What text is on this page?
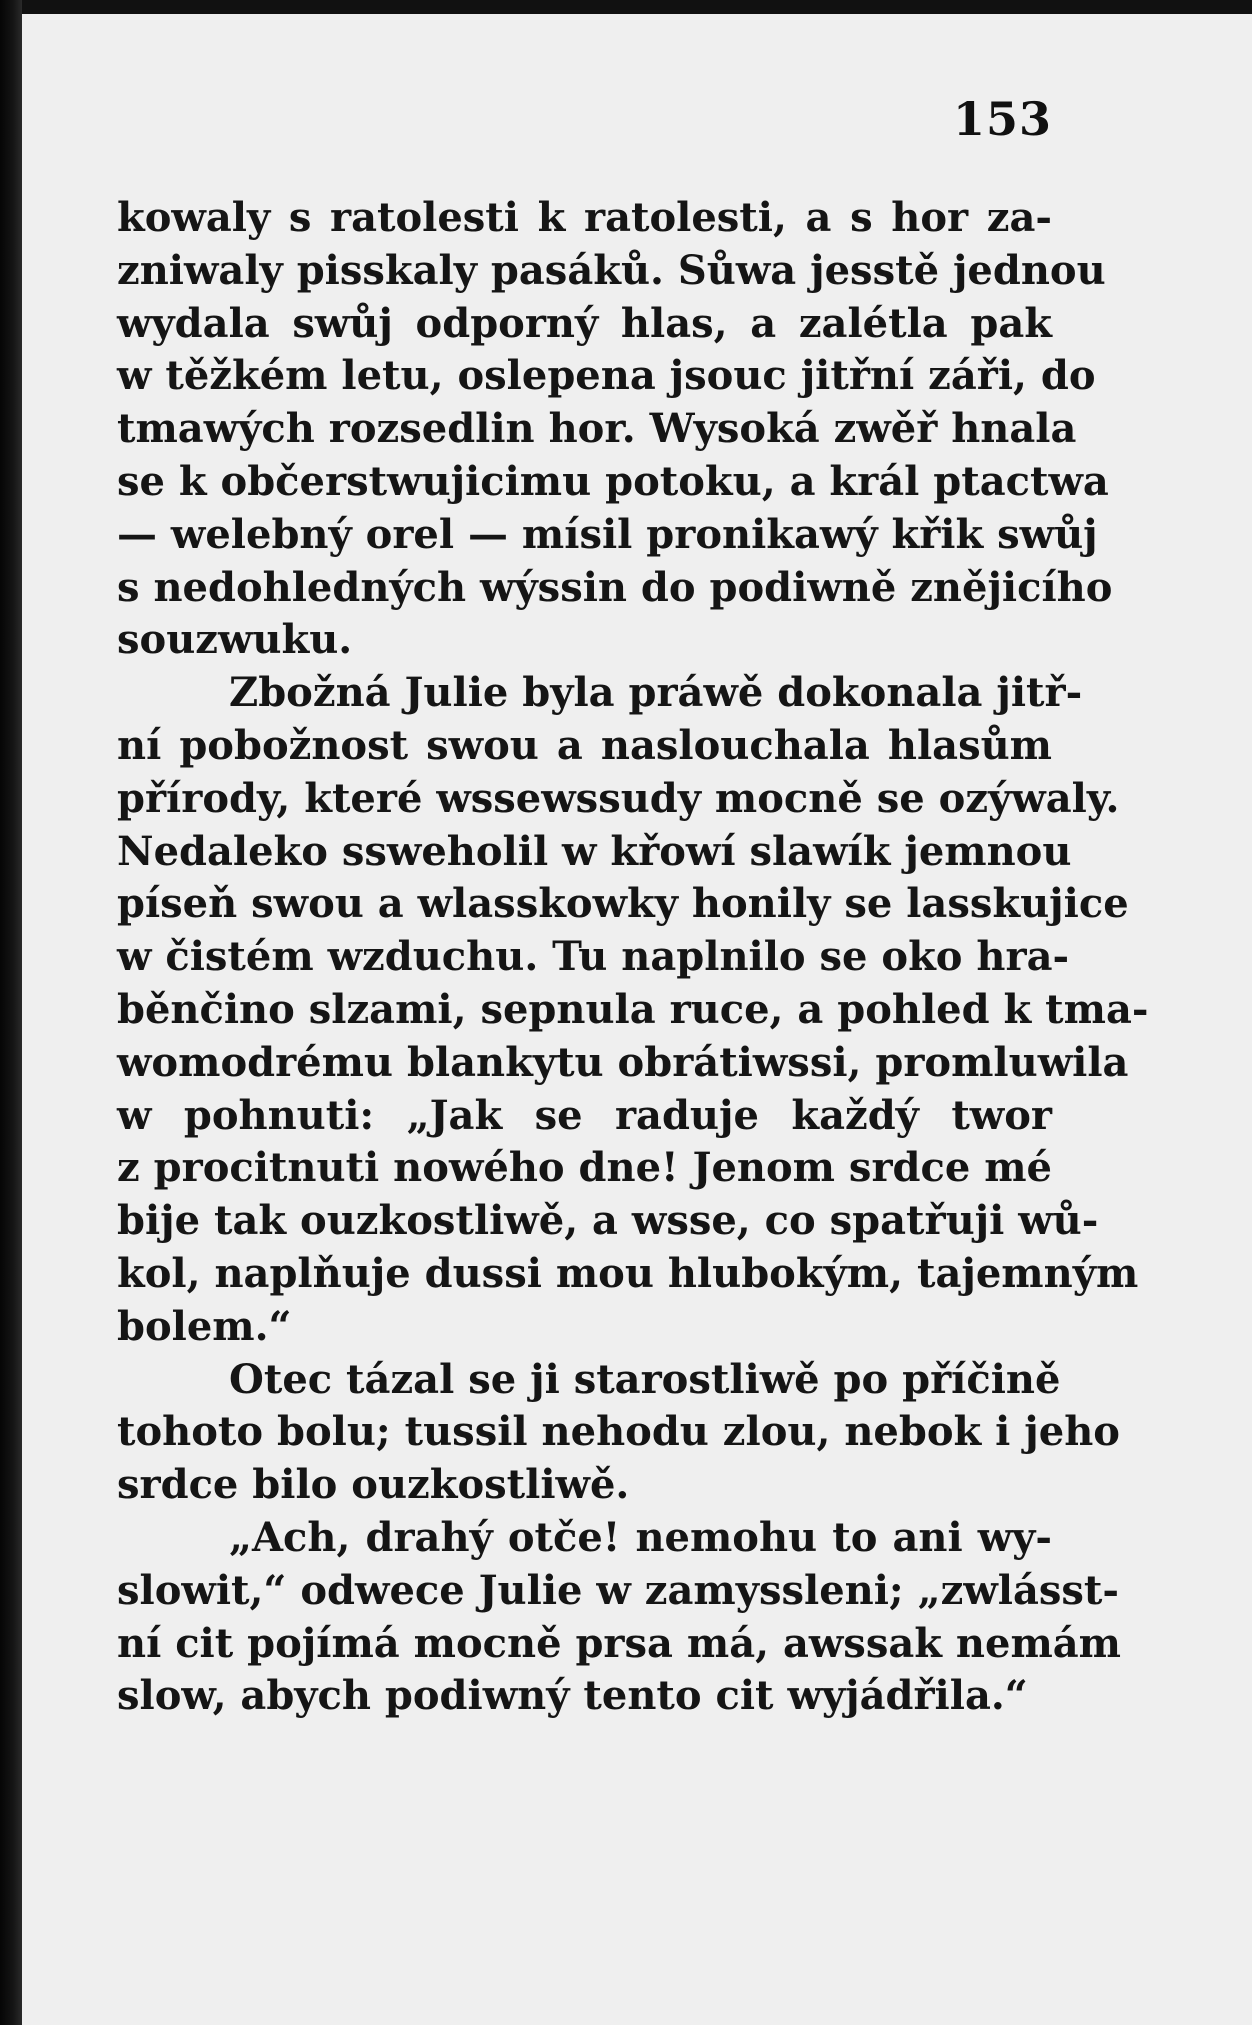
153
kowaly s ratolesti k ratolesti, a s hor za-
zniwaly pisskaly pasáků. Sůwa jesstě jednou
wydala swůj odporný hlas, a zalétla pak
w těžkém letu, oslepena jsouc jitřní záři, do
tmawých rozsedlin hor. Wysoká zwěř hnala
se k občerstwujicimu potoku, a král ptactwa
— welebný orel — mísil pronikawý křik swůj
s nedohledných wýssin do podiwně znějicího
souzwuku.
Zbožná Julie byla práwě dokonala jitř-
ní pobožnost swou a naslouchala hlasům
přírody, které wssewssudy mocně se ozýwaly.
Nedaleko ssweholil w křowí slawík jemnou
píseň swou a wlasskowky honily se lasskujice
w čistém wzduchu. Tu naplnilo se oko hra-
běnčino slzami, sepnula ruce, a pohled k tma-
womodrému blankytu obrátiwssi, promluwila
w pohnuti: „Jak se raduje každý twor
z procitnuti nowého dne! Jenom srdce mé
bije tak ouzkostliwě, a wsse, co spatřuji wů-
kol, naplňuje dussi mou hlubokým, tajemným
bolem.“
Otec tázal se ji starostliwě po příčině
tohoto bolu; tussil nehodu zlou, nebok i jeho
srdce bilo ouzkostliwě.
„Ach, drahý otče! nemohu to ani wy-
slowit,“ odwece Julie w zamyssleni; „zwlásst-
ní cit pojímá mocně prsa má, awssak nemám
slow, abych podiwný tento cit wyjádřila.“
